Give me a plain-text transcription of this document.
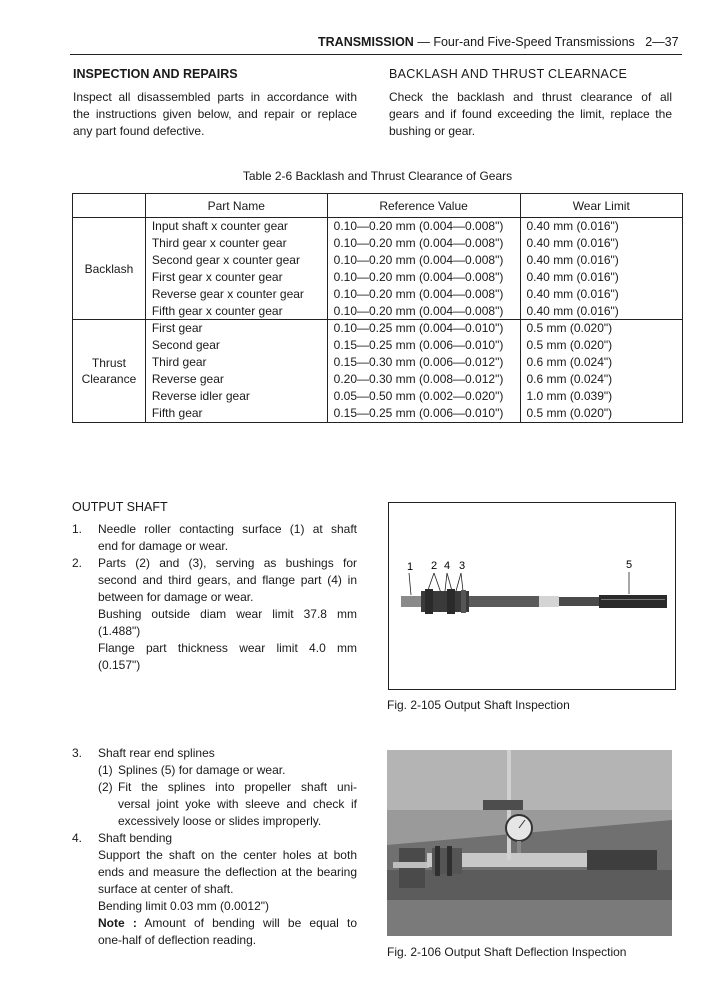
TRANSMISSION — Four-and Five-Speed Transmissions 2—37
INSPECTION AND REPAIRS
Inspect all disassembled parts in accordance with
the instructions given below, and repair or replace
any part found defective.
BACKLASH AND THRUST CLEARNACE
Check the backlash and thrust clearance of all
gears and if found exceeding the limit, replace the
bushing or gear.
Table 2-6 Backlash and Thrust Clearance of Gears
	Part Name	Reference Value	Wear Limit
Backlash	Input shaft x counter gear	0.10—0.20 mm (0.004—0.008")	0.40 mm (0.016")
	Third gear x counter gear	0.10—0.20 mm (0.004—0.008")	0.40 mm (0.016")
	Second gear x counter gear	0.10—0.20 mm (0.004—0.008")	0.40 mm (0.016")
	First gear x counter gear	0.10—0.20 mm (0.004—0.008")	0.40 mm (0.016")
	Reverse gear x counter gear	0.10—0.20 mm (0.004—0.008")	0.40 mm (0.016")
	Fifth gear x counter gear	0.10—0.20 mm (0.004—0.008")	0.40 mm (0.016")
Thrust
Clearance	First gear	0.10—0.25 mm (0.004—0.010")	0.5 mm (0.020")
	Second gear	0.15—0.25 mm (0.006—0.010")	0.5 mm (0.020")
	Third gear	0.15—0.30 mm (0.006—0.012")	0.6 mm (0.024")
	Reverse gear	0.20—0.30 mm (0.008—0.012")	0.6 mm (0.024")
	Reverse idler gear	0.05—0.50 mm (0.002—0.020")	1.0 mm (0.039")
	Fifth gear	0.15—0.25 mm (0.006—0.010")	0.5 mm (0.020")
OUTPUT SHAFT
1. Needle roller contacting surface (1) at shaft
end for damage or wear.
2. Parts (2) and (3), serving as bushings for
second and third gears, and flange part (4) in
between for damage or wear.
Bushing outside diam wear limit 37.8 mm
(1.488")
Flange part thickness wear limit 4.0 mm
(0.157")
3. Shaft rear end splines
(1) Splines (5) for damage or wear.
(2) Fit the splines into propeller shaft uni-
versal joint yoke with sleeve and check if
excessively loose or slides improperly.
4. Shaft bending
Support the shaft on the center holes at both
ends and measure the deflection at the bearing
surface at center of shaft.
Bending limit 0.03 mm (0.0012")
Note : Amount of bending will be equal to
one-half of deflection reading.
1 2 4 3	5
Fig. 2-105 Output Shaft Inspection
Fig. 2-106 Output Shaft Deflection Inspection
